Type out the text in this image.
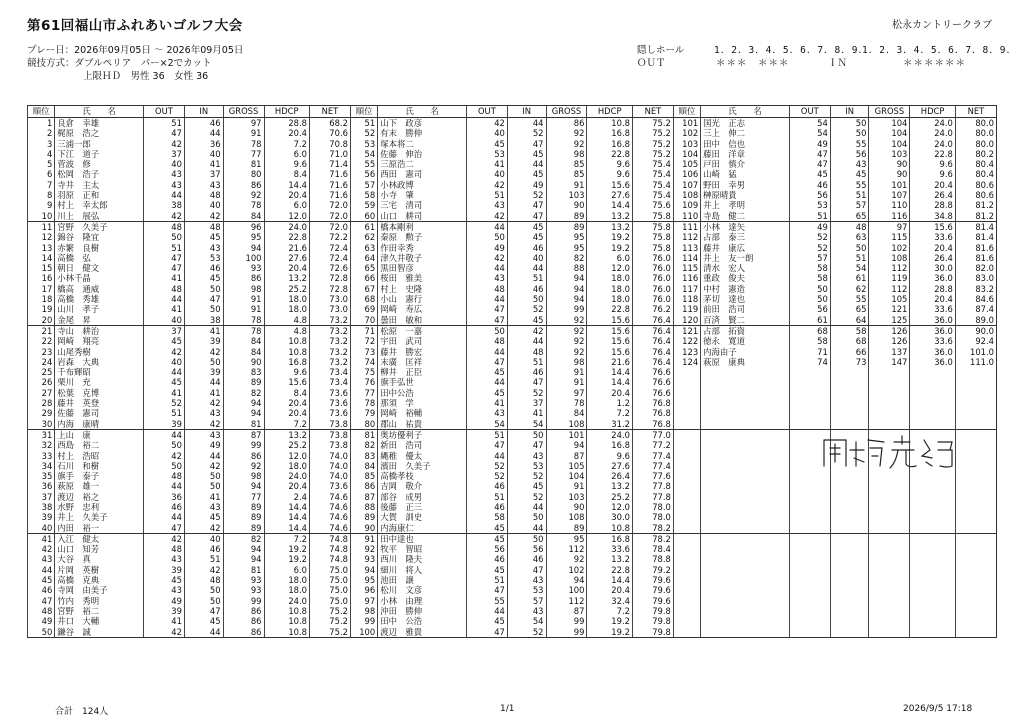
第61回福山市ふれあいゴルフ大会	松永カントリークラブ
プレー日：2026年09月05日 ～ 2026年09月05日
競技方式：ダブルペリア　パー×2でカット
上限ＨＤ　男性 36　女性 36
隠しホール	1．2．3．4．5．6．7．8．9．
1．2．3．4．5．6．7．8．9．
ＯＵＴ	＊＊＊　＊＊＊	ＩＮ	＊＊＊＊＊＊
順位	氏　　名	OUT	IN	GROSS	HDCP	NET	順位	氏　　名	OUT	IN	GROSS	HDCP	NET	順位	氏　　名	OUT	IN	GROSS	HDCP	NET
1	良倉　幸雄	51	46	97	28.8	68.2	51	山下　政彦	42	44	86	10.8	75.2	101	国光　正志	54	50	104	24.0	80.0
2	梶原　浩之	47	44	91	20.4	70.6	52	有末　勝伸	40	52	92	16.8	75.2	102	三上　伸二	54	50	104	24.0	80.0
3	三浦一郎	42	36	78	7.2	70.8	53	塚本将二	45	47	92	16.8	75.2	103	田中　信也	49	55	104	24.0	80.0
4	下江　道子	37	40	77	6.0	71.0	54	佐藤　伸治	53	45	98	22.8	75.2	104	藤田　洋章	47	56	103	22.8	80.2
5	菅波　修	40	41	81	9.6	71.4	55	三原浩二	41	44	85	9.6	75.4	105	戸田　慎介	47	43	90	9.6	80.4
6	松岡　浩子	43	37	80	8.4	71.6	56	西田　憲司	40	45	85	9.6	75.4	106	山崎　猛	45	45	90	9.6	80.4
7	寺井　主太	43	43	86	14.4	71.6	57	小林政博	42	49	91	15.6	75.4	107	野田　幸男	46	55	101	20.4	80.6
8	羽原　正和	44	48	92	20.4	71.6	58	小寺　肇	51	52	103	27.6	75.4	108	榊原晴貴	56	51	107	26.4	80.6
9	村上　幸太郎	38	40	78	6.0	72.0	59	三宅　清司	43	47	90	14.4	75.6	109	井上　孝明	53	57	110	28.8	81.2
10	川上　展弘	42	42	84	12.0	72.0	60	山口　耕司	42	47	89	13.2	75.8	110	寺島　健二	51	65	116	34.8	81.2
11	宮野　久美子	48	48	96	24.0	72.0	61	橋本剛利	44	45	89	13.2	75.8	111	小林　達矢	49	48	97	15.6	81.4
12	錦谷　隆宜	50	45	95	22.8	72.2	62	秦原　勲子	50	45	95	19.2	75.8	112	占部　泰三	52	63	115	33.6	81.4
13	赤繁　良樹	51	43	94	21.6	72.4	63	作田幸秀	49	46	95	19.2	75.8	113	藤井　康広	52	50	102	20.4	81.6
14	高橋　弘	47	53	100	27.6	72.4	64	津久井敬子	42	40	82	6.0	76.0	114	井上　友一朗	57	51	108	26.4	81.6
15	朝日　健文	47	46	93	20.4	72.6	65	黒田智彦	44	44	88	12.0	76.0	115	清水　宏人	58	54	112	30.0	82.0
16	小林千晶	41	45	86	13.2	72.8	66	桜田　雅美	43	51	94	18.0	76.0	116	重政　俊夫	58	61	119	36.0	83.0
17	橋高　通威	48	50	98	25.2	72.8	67	村上　史隆	48	46	94	18.0	76.0	117	中村　憲造	50	62	112	28.8	83.2
18	高橋　秀雄	44	47	91	18.0	73.0	68	小山　憲行	44	50	94	18.0	76.0	118	茅切　達也	50	55	105	20.4	84.6
19	山川　孝子	41	50	91	18.0	73.0	69	岡崎　寿広	47	52	99	22.8	76.2	119	前田　浩司	56	65	121	33.6	87.4
20	金尾　昇	40	38	78	4.8	73.2	70	曇田　敏和	47	45	92	15.6	76.4	120	百済　賢二	61	64	125	36.0	89.0
21	寺山　耕治	37	41	78	4.8	73.2	71	松原　一嘉	50	42	92	15.6	76.4	121	占部　拓資	68	58	126	36.0	90.0
22	岡崎　翔亮	45	39	84	10.8	73.2	72	宇田　武司	48	44	92	15.6	76.4	122	徳永　寛道	58	68	126	33.6	92.4
23	山尾秀樹	42	42	84	10.8	73.2	73	藤井　勝宏	44	48	92	15.6	76.4	123	内海由子	71	66	137	36.0	101.0
24	岩森　大典	40	50	90	16.8	73.2	74	末廣　匡祥	47	51	98	21.6	76.4	124	萩原　康典	74	73	147	36.0	111.0
25	千布輝昭	44	39	83	9.6	73.4	75	柳井　正臣	45	46	91	14.4	76.6							
26	栗川　充	45	44	89	15.6	73.4	76	旗手弘世	44	47	91	14.4	76.6							
27	松葉　克博	41	41	82	8.4	73.6	77	田中公浩	45	52	97	20.4	76.6							
28	藤井　英登	52	42	94	20.4	73.6	78	那須　学	41	37	78	1.2	76.8							
29	佐藤　憲司	51	43	94	20.4	73.6	79	岡崎　裕輔	43	41	84	7.2	76.8							
30	内海　康晴	39	42	81	7.2	73.8	80	郡山　祐貴	54	54	108	31.2	76.8							
31	上山　康	44	43	87	13.2	73.8	81	奥坊優利子	51	50	101	24.0	77.0							
32	西島　裕二	50	49	99	25.2	73.8	82	新田　浩司	47	47	94	16.8	77.2							
33	村上　浩昭	42	44	86	12.0	74.0	83	縄稚　優太	44	43	87	9.6	77.4							
34	石川　和樹	50	42	92	18.0	74.0	84	濱田　久美子	52	53	105	27.6	77.4							
35	旗手　泰子	48	50	98	24.0	74.0	85	高橋孝枝	52	52	104	26.4	77.6							
36	萩原　雄一	44	50	94	20.4	73.6	86	吉岡　敬介	46	45	91	13.2	77.8							
37	渡辺　裕之	36	41	77	2.4	74.6	87	部谷　成男	51	52	103	25.2	77.8							
38	水野　忠利	46	43	89	14.4	74.6	88	後藤　正三	46	44	90	12.0	78.0							
39	井上　久美子	44	45	89	14.4	74.6	89	大賀　訓史	58	50	108	30.0	78.0							
40	内田　裕一	47	42	89	14.4	74.6	90	内海康仁	45	44	89	10.8	78.2							
41	入江　健太	42	40	82	7.2	74.8	91	田中達也	45	50	95	16.8	78.2							
42	山口　知芳	48	46	94	19.2	74.8	92	牧平　智昭	56	56	112	33.6	78.4							
43	大谷　真	43	51	94	19.2	74.8	93	西川　隆夫	46	46	92	13.2	78.8							
44	片岡　英樹	39	42	81	6.0	75.0	94	細川　将人	45	47	102	22.8	79.2							
45	高橋　克典	45	48	93	18.0	75.0	95	池田　譲	51	43	94	14.4	79.6							
46	寺岡　由美子	43	50	93	18.0	75.0	96	松川　文彦	47	53	100	20.4	79.6							
47	竹内　秀明	49	50	99	24.0	75.0	97	小林　由理	55	57	112	32.4	79.6							
48	宮野　裕二	39	47	86	10.8	75.2	98	沖田　勝伸	44	43	87	7.2	79.8							
49	井口　大輔	41	45	86	10.8	75.2	99	田中　公浩	45	54	99	19.2	79.8							
50	鎌谷　誠	42	44	86	10.8	75.2	100	渡辺　雅貴	47	52	99	19.2	79.8							
合計　124人	1/1	2026/9/5 17:18
